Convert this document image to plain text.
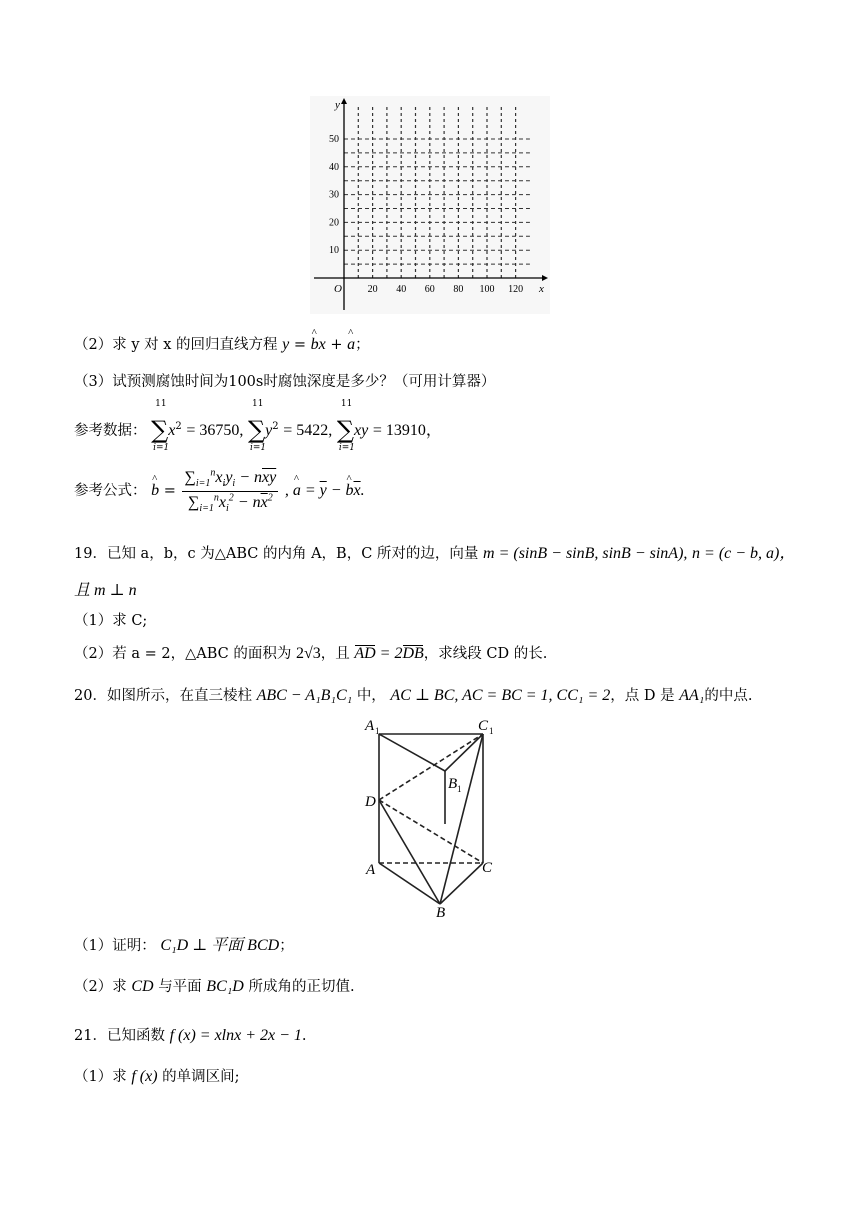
20 40 60 80 100 120
10
20
30
40
50
x
y
O
（2）求 y 对 x 的回归直线方程 y = ^ bx + ^ a；
（3）试预测腐蚀时间为100s时腐蚀深度是多少？（可用计算器）
参考数据：
11
∑
i=1
$x^2 = 36750$,
11
∑
i=1
$y^2 = 5422$,
11
∑
i=1
xy = 13910，
参考公式： ^ $b = \frac{\sum_{i=1}^nx_iy_i - n\overline{xy}}{\sum_{i=1}^nx_i^2 - n\overline{x}^2}$ , ^ $a = \overline{y}$ − ^ $b\overline{x}$.
19．已知 a，b，c 为△ABC 的内角 A，B，C 所对的边，向量 m = (sinB − sinB, sinB − sinA), n = (c − b, a)，
且 m ⊥ n
（1）求 C;
（2）若 a = 2，△ABC 的面积为 2√3，且 AD = 2DB，求线段 CD 的长.
20．如图所示，在直三棱柱 ABC − A₁B₁C₁ 中， AC ⊥ BC, AC = BC = 1, CC₁ = 2，点 D 是 AA₁的中点.
A 1	C 1
B 1
D
A	C
B
（1）证明： C₁D ⊥ 平面 BCD；
（2）求 CD 与平面 BC₁D 所成角的正切值.
21．已知函数 f (x) = xlnx + 2x − 1.
（1）求 f (x) 的单调区间;
